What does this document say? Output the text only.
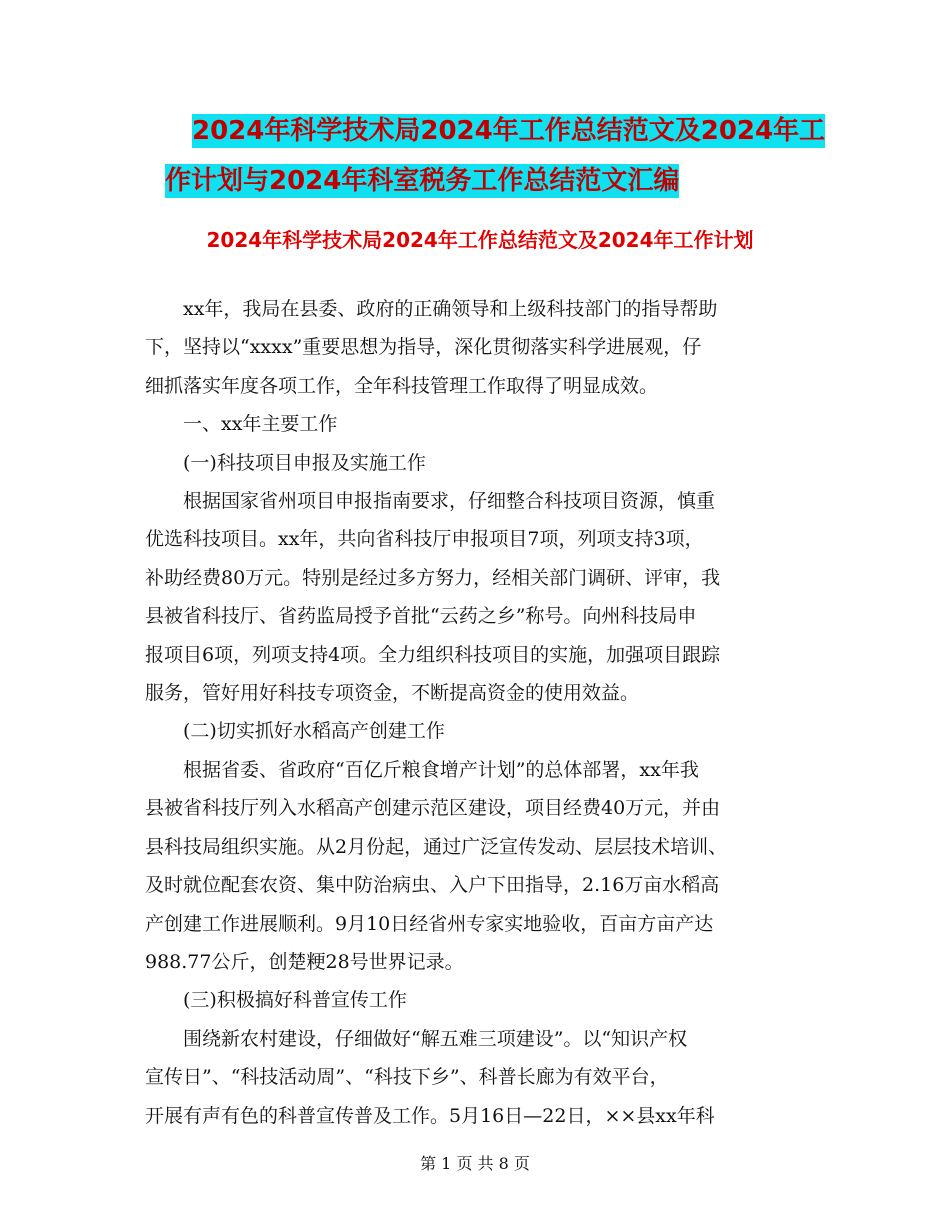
2024年科学技术局2024年工作总结范文及2024年工
作计划与2024年科室税务工作总结范文汇编
2024年科学技术局2024年工作总结范文及2024年工作计划
　　xx年，我局在县委、政府的正确领导和上级科技部门的指导帮助
下，坚持以“xxxx”重要思想为指导，深化贯彻落实科学进展观，仔
细抓落实年度各项工作，全年科技管理工作取得了明显成效。
　　一、xx年主要工作
　　(一)科技项目申报及实施工作
　　根据国家省州项目申报指南要求，仔细整合科技项目资源，慎重
优选科技项目。xx年，共向省科技厅申报项目7项，列项支持3项，
补助经费80万元。特别是经过多方努力，经相关部门调研、评审，我
县被省科技厅、省药监局授予首批“云药之乡”称号。向州科技局申
报项目6项，列项支持4项。全力组织科技项目的实施，加强项目跟踪
服务，管好用好科技专项资金，不断提高资金的使用效益。
　　(二)切实抓好水稻高产创建工作
　　根据省委、省政府“百亿斤粮食增产计划”的总体部署，xx年我
县被省科技厅列入水稻高产创建示范区建设，项目经费40万元，并由
县科技局组织实施。从2月份起，通过广泛宣传发动、层层技术培训、
及时就位配套农资、集中防治病虫、入户下田指导，2.16万亩水稻高
产创建工作进展顺利。9月10日经省州专家实地验收，百亩方亩产达
988.77公斤，创楚粳28号世界记录。
　　(三)积极搞好科普宣传工作
　　围绕新农村建设，仔细做好“解五难三项建设”。以“知识产权
宣传日”、“科技活动周”、“科技下乡”、科普长廊为有效平台，
开展有声有色的科普宣传普及工作。5月16日—22日，××县xx年科
第 1 页 共 8 页
